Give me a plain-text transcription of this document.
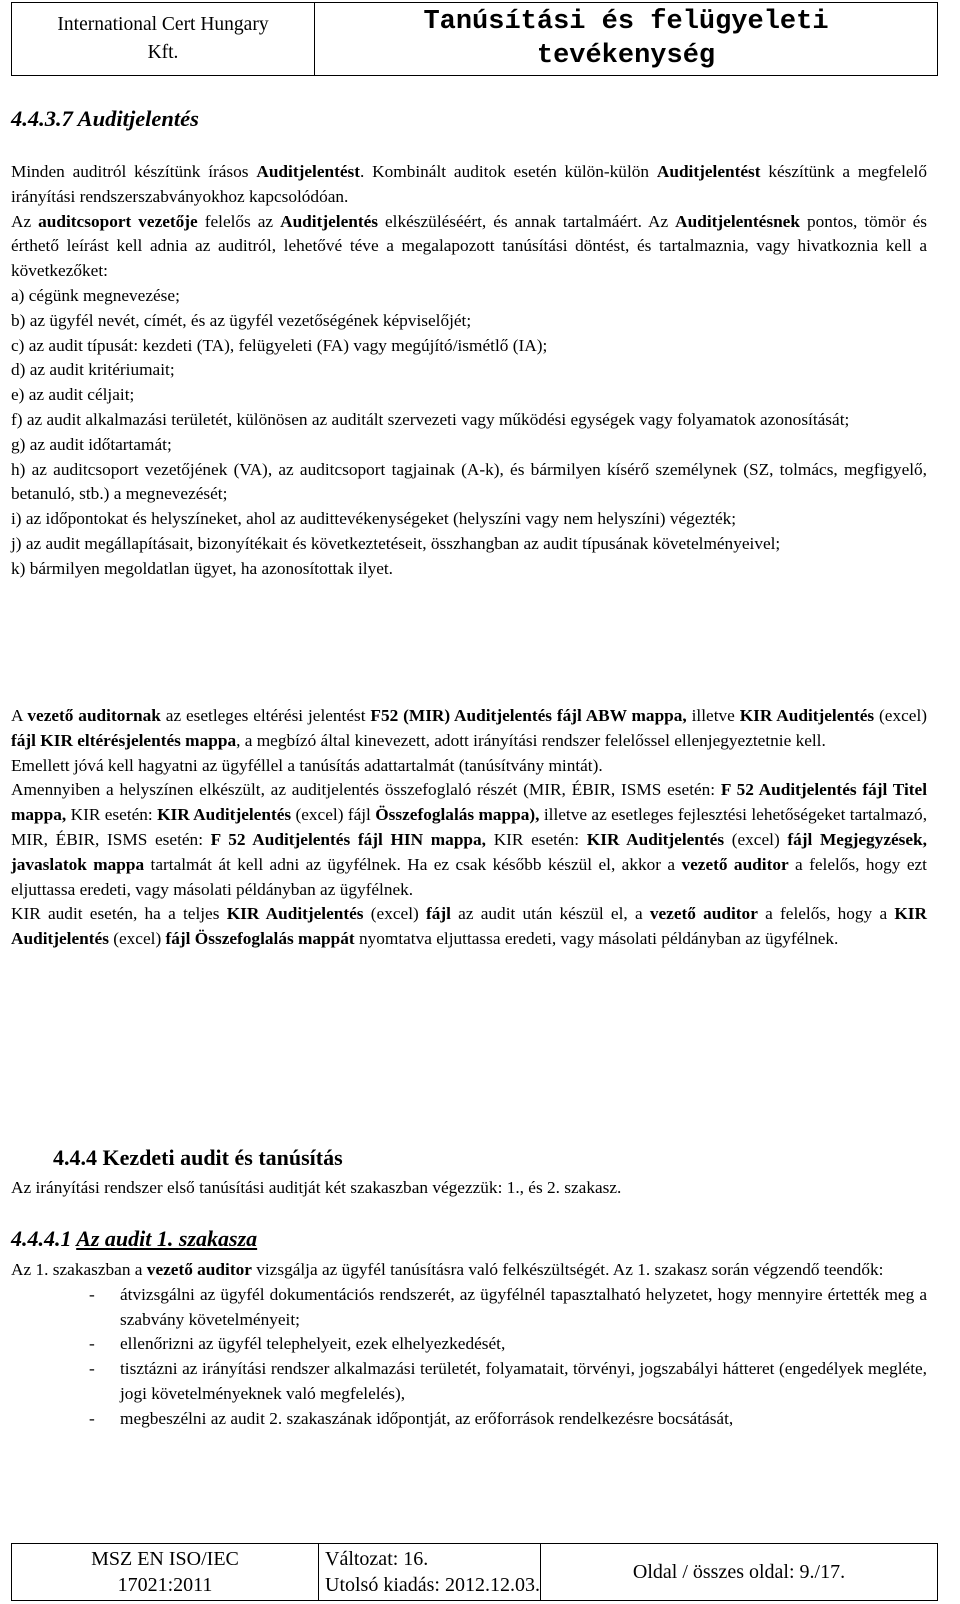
International Cert Hungary
Kft.

Tanúsítási és felügyeleti
tevékenység
4.4.3.7 Auditjelentés

Minden auditról készítünk írásos Auditjelentést. Kombinált auditok esetén külön-külön Auditjelentést készítünk a megfelelő irányítási rendszerszabványokhoz kapcsolódóan.

Az auditcsoport vezetője felelős az Auditjelentés elkészüléséért, és annak tartalmáért. Az Auditjelentésnek pontos, tömör és érthető leírást kell adnia az auditról, lehetővé téve a megalapozott tanúsítási döntést, és tartalmaznia, vagy hivatkoznia kell a következőket:

a) cégünk megnevezése;

b) az ügyfél nevét, címét, és az ügyfél vezetőségének képviselőjét;

c) az audit típusát: kezdeti (TA), felügyeleti (FA) vagy megújító/ismétlő (IA);

d) az audit kritériumait;

e) az audit céljait;

f) az audit alkalmazási területét, különösen az auditált szervezeti vagy működési egységek vagy folyamatok azonosítását;

g) az audit időtartamát;

h) az auditcsoport vezetőjének (VA), az auditcsoport tagjainak (A-k), és bármilyen kísérő személynek (SZ, tolmács, megfigyelő, betanuló, stb.) a megnevezését;

i) az időpontokat és helyszíneket, ahol az audittevékenységeket (helyszíni vagy nem helyszíni) végezték;

j) az audit megállapításait, bizonyítékait és következtetéseit, összhangban az audit típusának követelményeivel;

k) bármilyen megoldatlan ügyet, ha azonosítottak ilyet.

A vezető auditornak az esetleges eltérési jelentést F52 (MIR) Auditjelentés fájl ABW mappa, illetve KIR Auditjelentés (excel) fájl KIR eltérésjelentés mappa, a megbízó által kinevezett, adott irányítási rendszer felelőssel ellenjegyeztetnie kell.

Emellett jóvá kell hagyatni az ügyféllel a tanúsítás adattartalmát (tanúsítvány mintát).

Amennyiben a helyszínen elkészült, az auditjelentés összefoglaló részét (MIR, ÉBIR, ISMS esetén: F 52 Auditjelentés fájl Titel mappa, KIR esetén: KIR Auditjelentés (excel) fájl Összefoglalás mappa), illetve az esetleges fejlesztési lehetőségeket tartalmazó, MIR, ÉBIR, ISMS esetén: F 52 Auditjelentés fájl HIN mappa, KIR esetén: KIR Auditjelentés (excel) fájl Megjegyzések, javaslatok mappa tartalmát át kell adni az ügyfélnek. Ha ez csak később készül el, akkor a vezető auditor a felelős, hogy ezt eljuttassa eredeti, vagy másolati példányban az ügyfélnek.

KIR audit esetén, ha a teljes KIR Auditjelentés (excel) fájl az audit után készül el, a vezető auditor a felelős, hogy a KIR Auditjelentés (excel) fájl Összefoglalás mappát nyomtatva eljuttassa eredeti, vagy másolati példányban az ügyfélnek.

4.4.4 Kezdeti audit és tanúsítás

Az irányítási rendszer első tanúsítási auditját két szakaszban végezzük: 1., és 2. szakasz.

4.4.4.1 Az audit 1. szakasza

Az 1. szakaszban a vezető auditor vizsgálja az ügyfél tanúsításra való felkészültségét. Az 1. szakasz során végzendő teendők:

- átvizsgálni az ügyfél dokumentációs rendszerét, az ügyfélnél tapasztalható helyzetet, hogy mennyire értették meg a szabvány követelményeit;
- ellenőrizni az ügyfél telephelyeit, ezek elhelyezkedését,
- tisztázni az irányítási rendszer alkalmazási területét, folyamatait, törvényi, jogszabályi hátteret (engedélyek megléte, jogi követelményeknek való megfelelés),
- megbeszélni az audit 2. szakaszának időpontját, az erőforrások rendelkezésre bocsátását,
MSZ EN ISO/IEC
17021:2011

Változat: 16.
Utolsó kiadás: 2012.12.03.
	Oldal / összes oldal: 9./17.
